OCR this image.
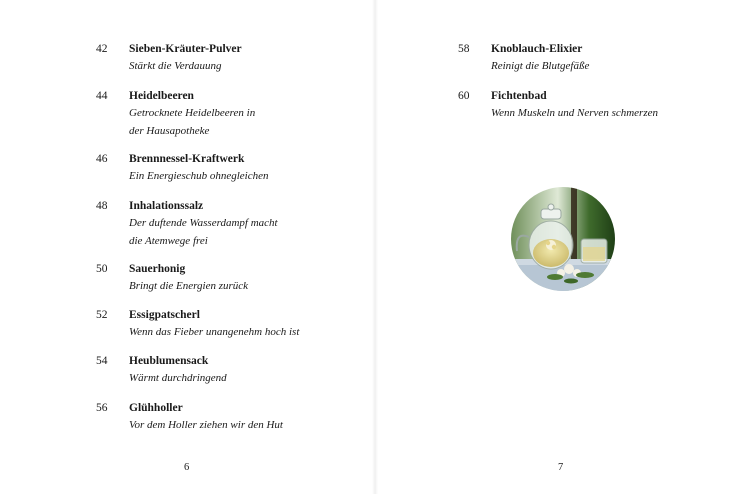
42	Sieben-Kräuter-Pulver
Stärkt die Verdauung
44	Heidelbeeren
Getrocknete Heidelbeeren in
der Hausapotheke
46	Brennnessel-Kraftwerk
Ein Energieschub ohnegleichen
48	Inhalationssalz
Der duftende Wasserdampf macht
die Atemwege frei
50	Sauerhonig
Bringt die Energien zurück
52	Essigpatscherl
Wenn das Fieber unangenehm hoch ist
54	Heublumensack
Wärmt durchdringend
56	Glühholler
Vor dem Holler ziehen wir den Hut
6
58	Knoblauch-Elixier
Reinigt die Blutgefäße
60	Fichtenbad
Wenn Muskeln und Nerven schmerzen
7
